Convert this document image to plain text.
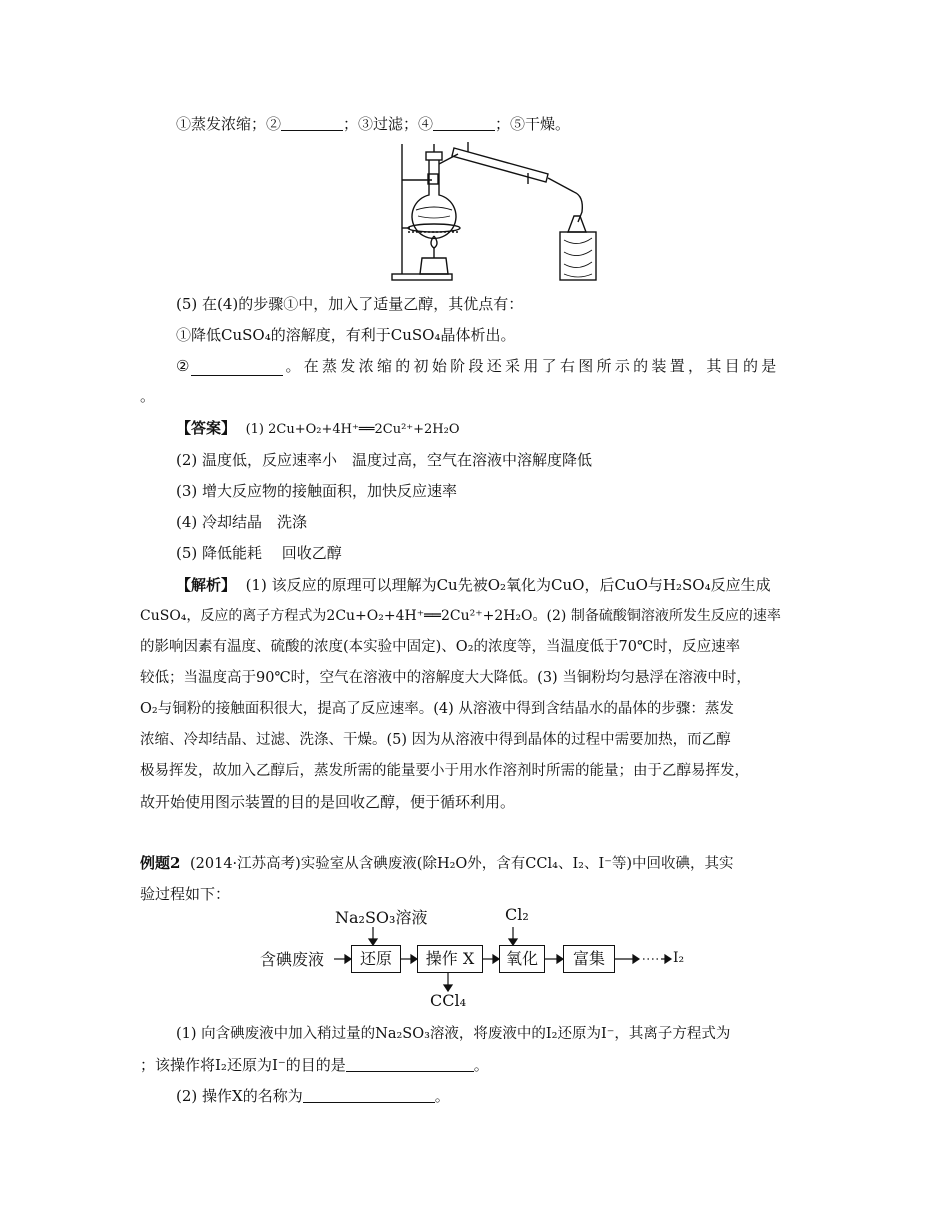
①蒸发浓缩；②	；③过滤；④	；⑤干燥。
(5) 在(4)的步骤①中，加入了适量乙醇，其优点有：
①降低CuSO₄的溶解度，有利于CuSO₄晶体析出。
②	。在蒸发浓缩的初始阶段还采用了右图所示的装置，其目的是
。
【答案】 (1) 2Cu+O₂+4H⁺══2Cu²⁺+2H₂O
(2) 温度低，反应速率小　温度过高，空气在溶液中溶解度降低
(3) 增大反应物的接触面积，加快反应速率
(4) 冷却结晶　洗涤
(5) 降低能耗　 回收乙醇
【解析】 (1) 该反应的原理可以理解为Cu先被O₂氧化为CuO，后CuO与H₂SO₄反应生成
CuSO₄，反应的离子方程式为2Cu+O₂+4H⁺══2Cu²⁺+2H₂O。(2) 制备硫酸铜溶液所发生反应的速率
的影响因素有温度、硫酸的浓度(本实验中固定)、O₂的浓度等，当温度低于70℃时，反应速率
较低；当温度高于90℃时，空气在溶液中的溶解度大大降低。(3) 当铜粉均匀悬浮在溶液中时，
O₂与铜粉的接触面积很大，提高了反应速率。(4) 从溶液中得到含结晶水的晶体的步骤：蒸发
浓缩、冷却结晶、过滤、洗涤、干燥。(5) 因为从溶液中得到晶体的过程中需要加热，而乙醇
极易挥发，故加入乙醇后，蒸发所需的能量要小于用水作溶剂时所需的能量；由于乙醇易挥发，
故开始使用图示装置的目的是回收乙醇，便于循环利用。
例题2 (2014·江苏高考)实验室从含碘废液(除H₂O外，含有CCl₄、I₂、I⁻等)中回收碘，其实
验过程如下：
Na₂SO₃溶液	Cl₂
含碘废液	还原	操作 X	氧化	富集	I₂
CCl₄
(1) 向含碘废液中加入稍过量的Na₂SO₃溶液，将废液中的I₂还原为I⁻，其离子方程式为
；该操作将I₂还原为I⁻的目的是	。
(2) 操作X的名称为	。
